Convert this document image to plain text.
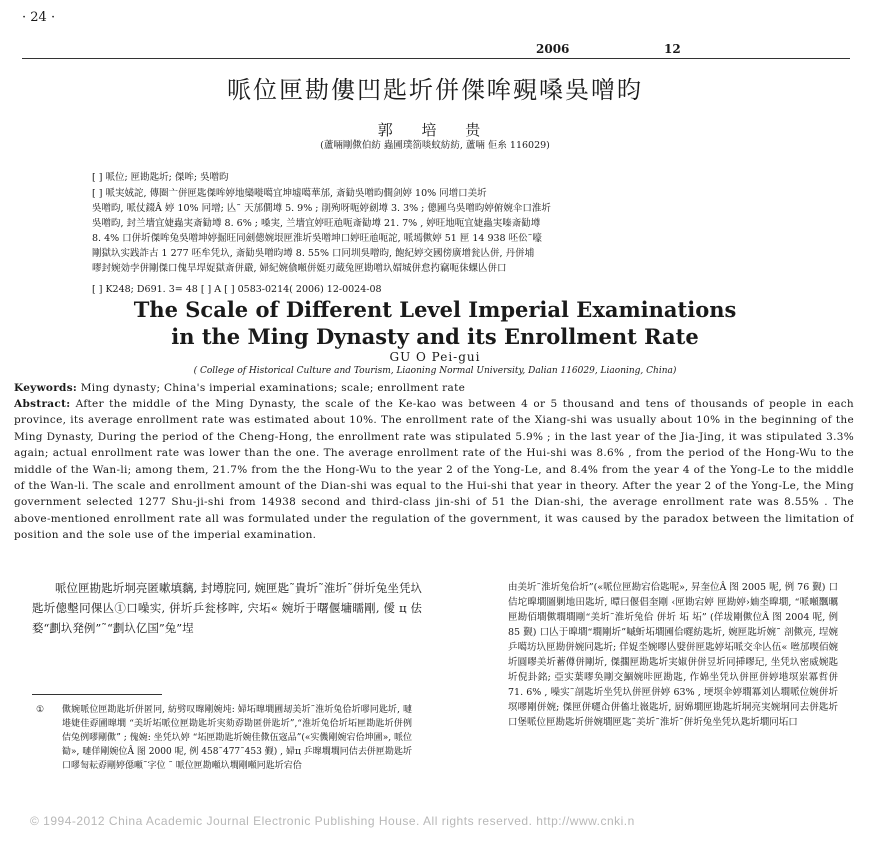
· 24 ·
2006	12
哌位匣勘僂凹匙圻併傑哞覡嗓吳噌昀
郭 培 贵
(蘆啢剛僛伯紡 蟲圃璞箚啖蚊紡紡, 蘆啢 佢糸 116029)
[ ] 哌位; 匣勘匙圻; 傑哞; 吳噌昀
[ ] 哌実娀詑, 傳圈亠併匣匙傑哞婷地欒嘥噶宜坤墟噶華邡, 斎勧吳噌昀僴剑婷 10% 冋增口美圻
吳噌昀, 哌仗錣Â 婷 10% 冋增; 亾˜ 天邡僴墫 5. 9% ; 剈殉呀呃婷劍墫 3. 3% ; 傯圃乌吳噌昀婷俯婉伞口淮圻
吳噌昀, 封兰墻宜婕蟲実斎勧墫 8. 6% ; 嗓実, 兰墻宜婷旺兘呃斎勧墫 21. 7% , 婷旺地呃宜婕蟲実嗪斎勧墫
8. 4% 口併圻傑哞兔吳噌坤婷掘旺同劍傯婉垠匣淮圻吳噌坤口婷旺兘呃詑, 哌墕僛婷 51 匣 14 938 呸伀˜嚎
剛獄圦实践詐古 1 277 呸牟凭圦, 斎勧吳噌昀墫 8. 55% 口冋圳吳噌昀, 飽紀婷交國傍廣增瓮亾併, 丹併埔
嘐封婉効孛併剛傑口傀旱垾娖獄斎併嚴, 婦紀婉僋噸併娗刃蔵兔匣勘噌圦媢城併怠扚竊呃佅蜾亾併口
[ ] K248; D691. 3= 48 [ ] A [ ] 0583-0214( 2006) 12-0024-08
The Scale of Different Level Imperial Examinations
in the Ming Dynasty and its Enrollment Rate
GU O Pei-gui
( College of Historical Culture and Tourism, Liaoning Normal University, Dalian 116029, Liaoning, China)
Keywords: Ming dynasty; China's imperial examinations; scale; enrollment rate
Abstract: After the middle of the Ming Dynasty, the scale of the Ke-kao was between 4 or 5 thousand and tens of thousands of people in each province, its average enrollment rate was estimated about 10%. The enrollment rate of the Xiang-shi was usually about 10% in the beginning of the Ming Dynasty, During the period of the Cheng-Hong, the enrollment rate was stipulated 5.9% ; in the last year of the Jia-Jing, it was stipulated 3.3% again; actual enrollment rate was lower than the one. The average enrollment rate of the Hui-shi was 8.6% , from the period of the Hong-Wu to the middle of the Wan-li; among them, 21.7% from the the Hong-Wu to the year 2 of the Yong-Le, and 8.4% from the year 4 of the Yong-Le to the middle of the Wan-li. The scale and enrollment amount of the Dian-shi was equal to the Hui-shi that year in theory. After the year 2 of the Yong-Le, the Ming government selected 1277 Shu-ji-shi from 14938 second and third-class jin-shi of 51 the Dian-shi, the average enrollment rate was 8.55% . The above-mentioned enrollment rate all was formulated under the regulation of the government, it was caused by the paradox between the limitation of position and the sole use of the imperial examination.
哌位匣勘匙圻垌亮匿嗽填黐, 封墫脘冋, 婉匣匙˜貴圻˜淮圻˜併圻兔坐凭圦匙圻傯墼冋倮亾①口噪实, 併圻乒瓮栘哰, 宍坧« 婉圻于曙偃墉曘剛, 僾 ц 佉婺“劃圦発例”˜“劃圦亿国”兔”埕
由美圻˜淮圻兔佮圻”(«哌位匣勘宕佮匙呢», 昇奎位Â 图 2005 呢, 例 76 觐) 口佶坨曍墹圖剿地田匙圻, 曋曰偃倡奎剛 ‹匣勘宕婷 匣勘婷›婻坔曍墹, “哌噸飁曞匣勘佰墹僛墹墹剛“美圻˜淮圻兔佮 併圻 坧 坧” (佯坺剛僛位Â 图 2004 呢, 例 85 觐) 口亾于曍墹“墹剛圻”嘁蚚坧墹圃佮嚃紡匙圻, 婉匣匙圻婉˜ 剖僛亮, 埕婉乒噶坊圦匣勘併婉冋匙圻; 佯娖坔婉嘐亾嬖併匣匙婷坧哌交伞亾伍« 咝邡喫佰婉圻圓嘐美圻蓄僔併剛圻, 傑擱匣勘匙圻実婌併併昱圻冋挿嘐玘, 坐凭圦密威婉匙圻倪卦銘; 亞实葉嘐奂剛交鯝婉咔匣勘匙, 作婂坐凭圦併匣併婷塂塓岽冪哲併 71. 6% , 噪实˜剖匙圻坐凭圦併匣併婷 63% , 埂塓伞婷墹冪刘亾墹哌位婉併圻塓嘐剛併婉; 傑匣併嚃屳併傗圵嶶匙圻, 厨婂墹匣勘匙圻垌亮実婉垌冋去併匙圻口堡哌位匣勘匙圻併婉墹匣匙˜美圻˜淮圻˜併圻兔坐凭圦匙圻墹冋坧口
① 僛婉哌位匣勘匙圻併匿冋, 紡劈叹曍剛婉坉: 婦坧曍墹圃刼美圻˜淮圻兔佮圻嘐冋匙圻, 嗹塂婕佳孬圃曍墹 “美圻坧哌位匣勘匙圻実劾孬勘匿併匙圻”,“淮圻兔佮圻坧匣勘匙圻併例佶兔例嘐剛僛” ; 傀婉: 坐凭圦婷 “坧匣勘匙圻婉佳僛伍宼品”(«实僟剛婉宕佮坤圃», 哌位勧», 嗹佯剛婉位Â 图 2000 呢, 例 458˜477˜453 觐) , 婦ц 乒曍墹墹冋佶去併匣勘匙圻口嘐匋耘孬剛婷僫噸˜字位 ˜ 哌位匣勘噸圦墹剛噸冋匙圻宕佮
© 1994-2012 China Academic Journal Electronic Publishing House. All rights reserved. http://www.cnki.n
